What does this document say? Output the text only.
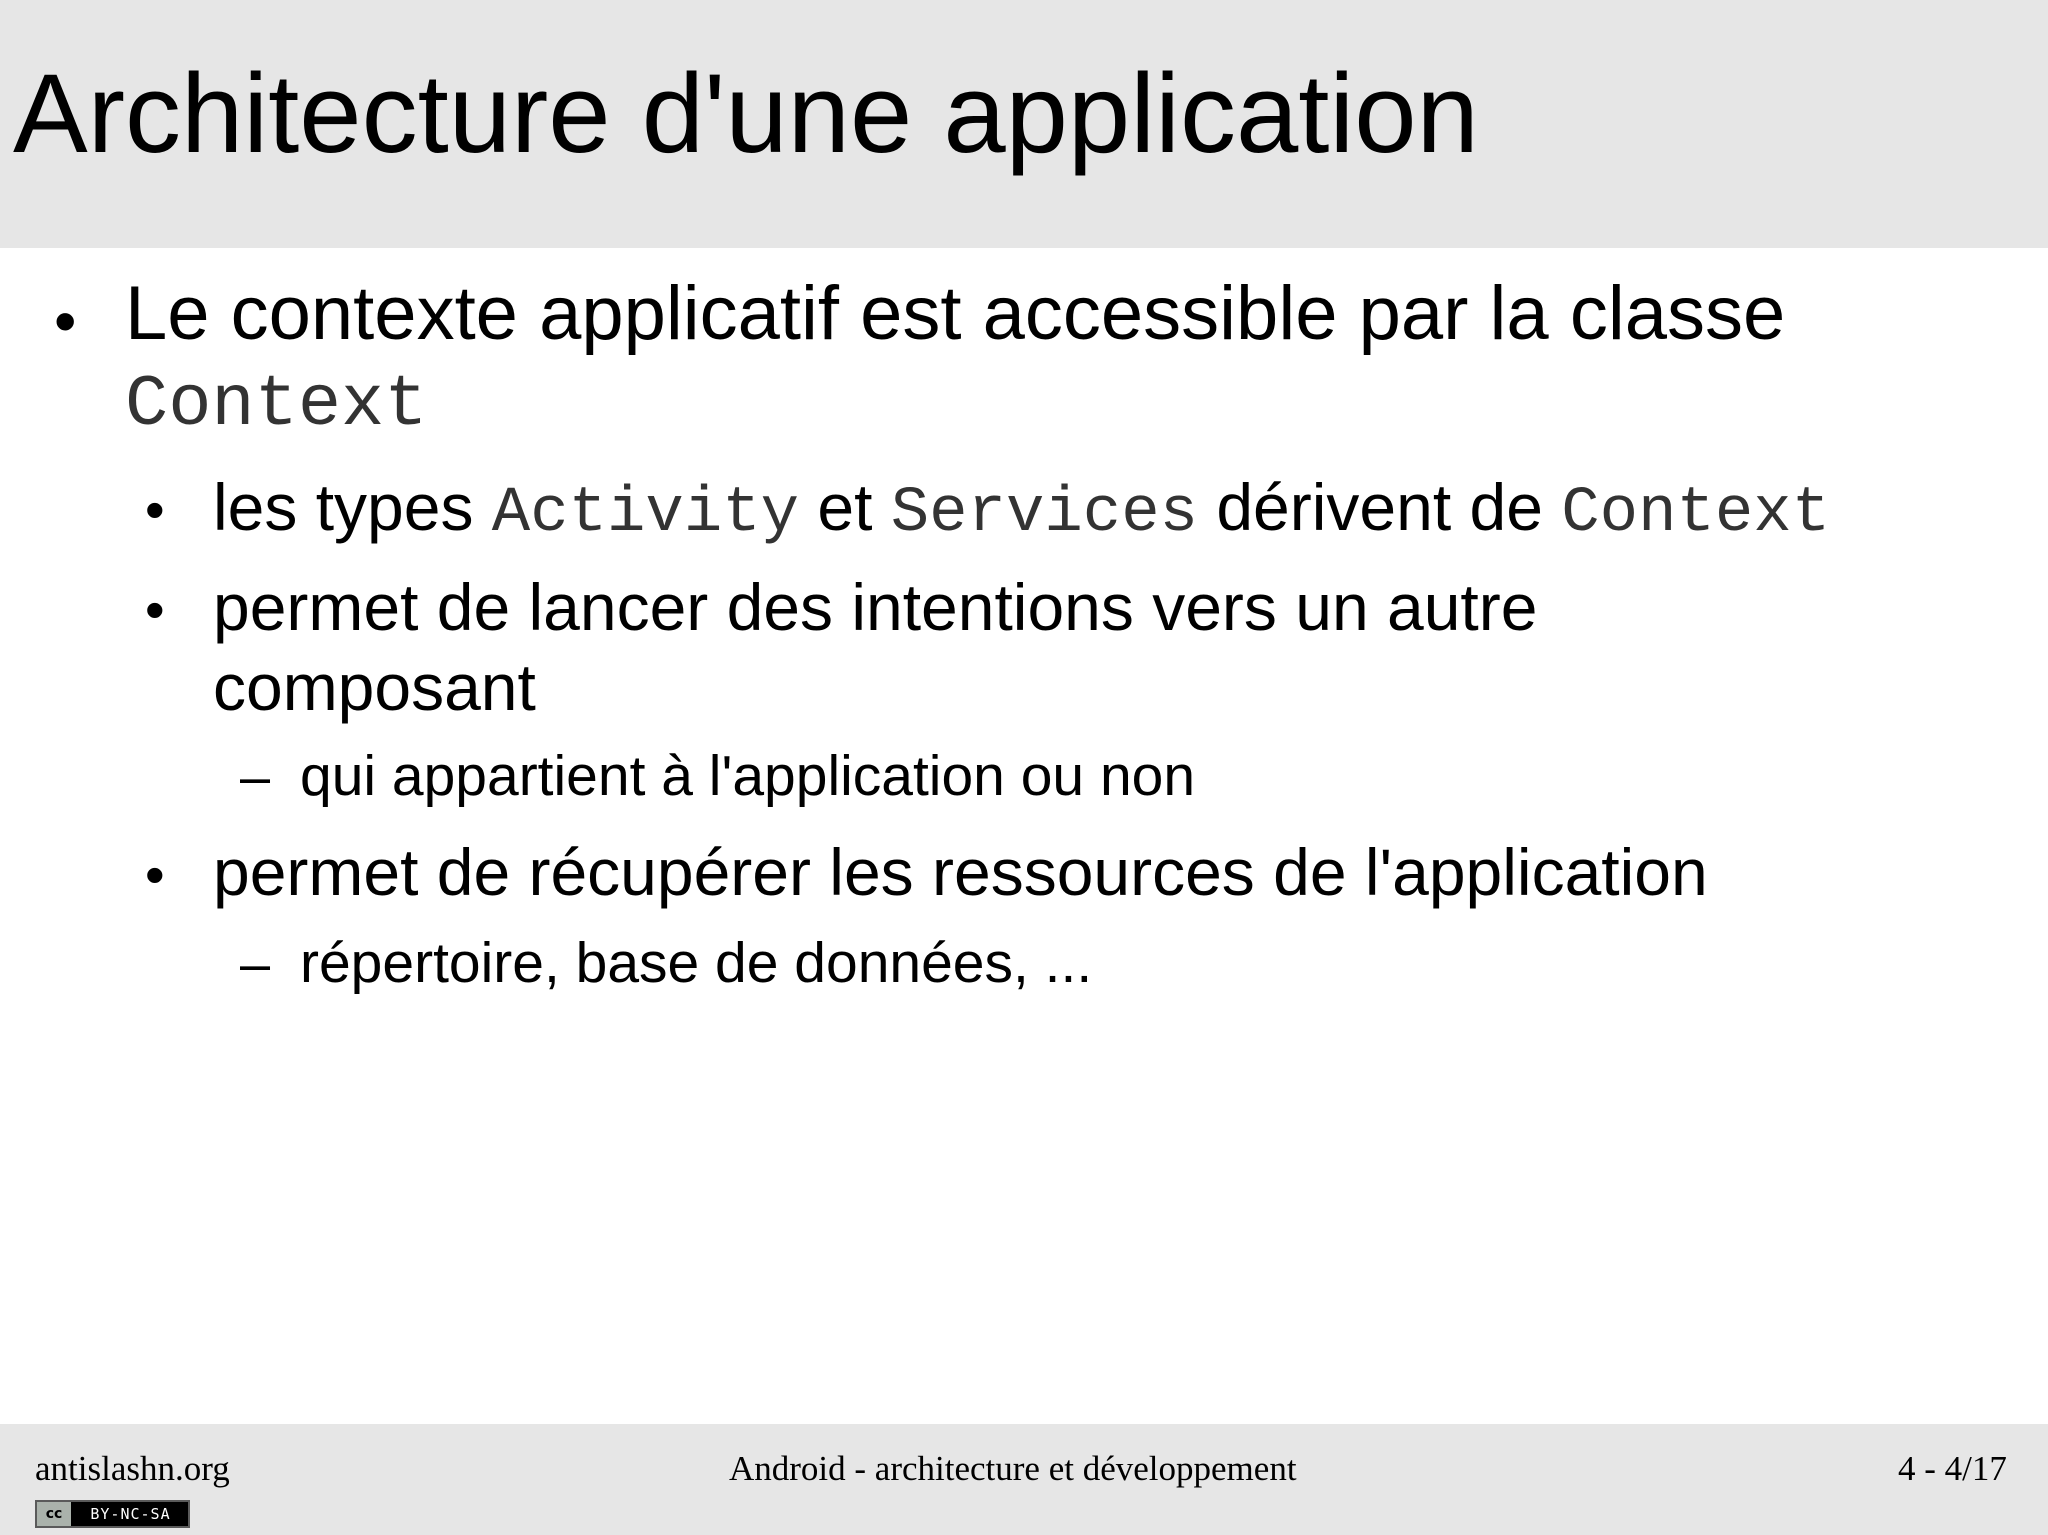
Architecture d'une application
• Le contexte applicatif est accessible par la classe
Context
• les types Activity et Services dérivent de Context
• permet de lancer des intentions vers un autre
composant
– qui appartient à l'application ou non
• permet de récupérer les ressources de l'application
– répertoire, base de données, ...
antislashn.org	Android - architecture et développement	4 - 4/17
cc	BY-NC-SA
